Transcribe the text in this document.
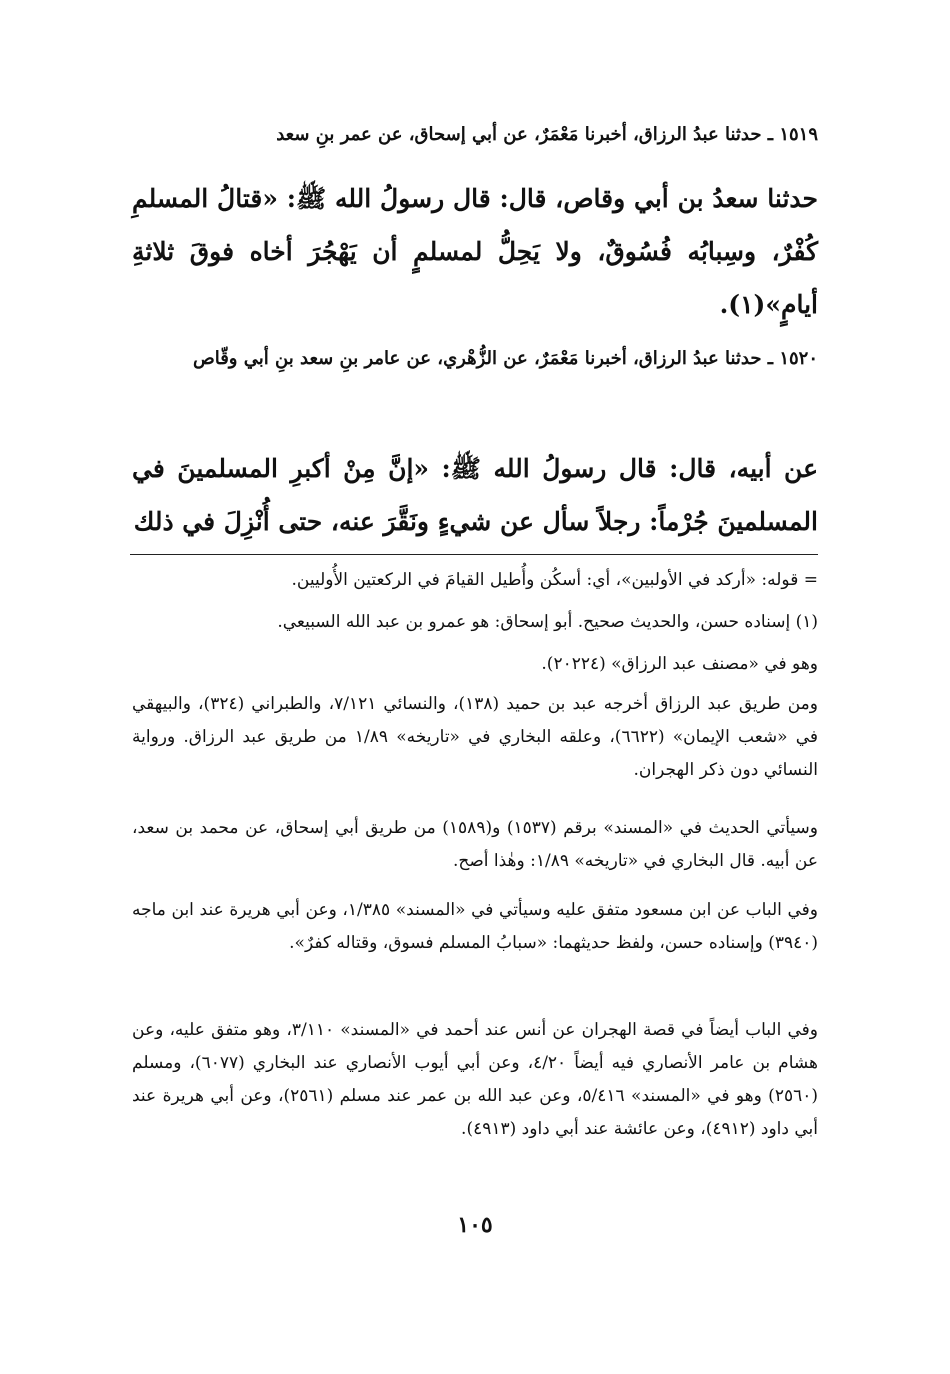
١٥١٩ ـ حدثنا عبدُ الرزاق، أخبرنا مَعْمَرٌ، عن أبي إسحاق، عن عمر بنِ سعد

حدثنا سعدُ بن أبي وقاص، قال: قال رسولُ الله ﷺ: «قتالُ المسلمِ كُفْرٌ، وسِبابُه فُسُوقٌ، ولا يَحِلُّ لمسلمٍ أن يَهْجُرَ أخاه فوقَ ثلاثةِ أيامٍ»(١).

١٥٢٠ ـ حدثنا عبدُ الرزاق، أخبرنا مَعْمَرٌ، عن الزُّهْري، عن عامر بنِ سعد بنِ أبي وقّاص

عن أبيه، قال: قال رسولُ الله ﷺ: «إنَّ مِنْ أكبرِ المسلمينَ في المسلمينَ جُرْماً: رجلاً سأل عن شيءٍ ونَقَّرَ عنه، حتى أُنْزِلَ في ذلك

= قوله: «أركد في الأولبين»، أي: أسكُن وأُطيل القيامَ في الركعتين الأُوليين.

(١) إسناده حسن، والحديث صحيح. أبو إسحاق: هو عمرو بن عبد الله السبيعي.

وهو في «مصنف عبد الرزاق» (٢٠٢٢٤).

ومن طريق عبد الرزاق أخرجه عبد بن حميد (١٣٨)، والنسائي ٧/١٢١، والطبراني (٣٢٤)، والبيهقي في «شعب الإيمان» (٦٦٢٢)، وعلقه البخاري في «تاريخه» ١/٨٩ من طريق عبد الرزاق. ورواية النسائي دون ذكر الهجران.

وسيأتي الحديث في «المسند» برقم (١٥٣٧) و(١٥٨٩) من طريق أبي إسحاق، عن محمد بن سعد، عن أبيه. قال البخاري في «تاريخه» ١/٨٩: وهٰذا أصح.

وفي الباب عن ابن مسعود متفق عليه وسيأتي في «المسند» ١/٣٨٥، وعن أبي هريرة عند ابن ماجه (٣٩٤٠) وإسناده حسن، ولفظ حديثهما: «سبابُ المسلم فسوق، وقتاله كفرٌ».

وفي الباب أيضاً في قصة الهجران عن أنس عند أحمد في «المسند» ٣/١١٠، وهو متفق عليه، وعن هشام بن عامر الأنصاري فيه أيضاً ٤/٢٠، وعن أبي أيوب الأنصاري عند البخاري (٦٠٧٧)، ومسلم (٢٥٦٠) وهو في «المسند» ٥/٤١٦، وعن عبد الله بن عمر عند مسلم (٢٥٦١)، وعن أبي هريرة عند أبي داود (٤٩١٢)، وعن عائشة عند أبي داود (٤٩١٣).

١٠٥
